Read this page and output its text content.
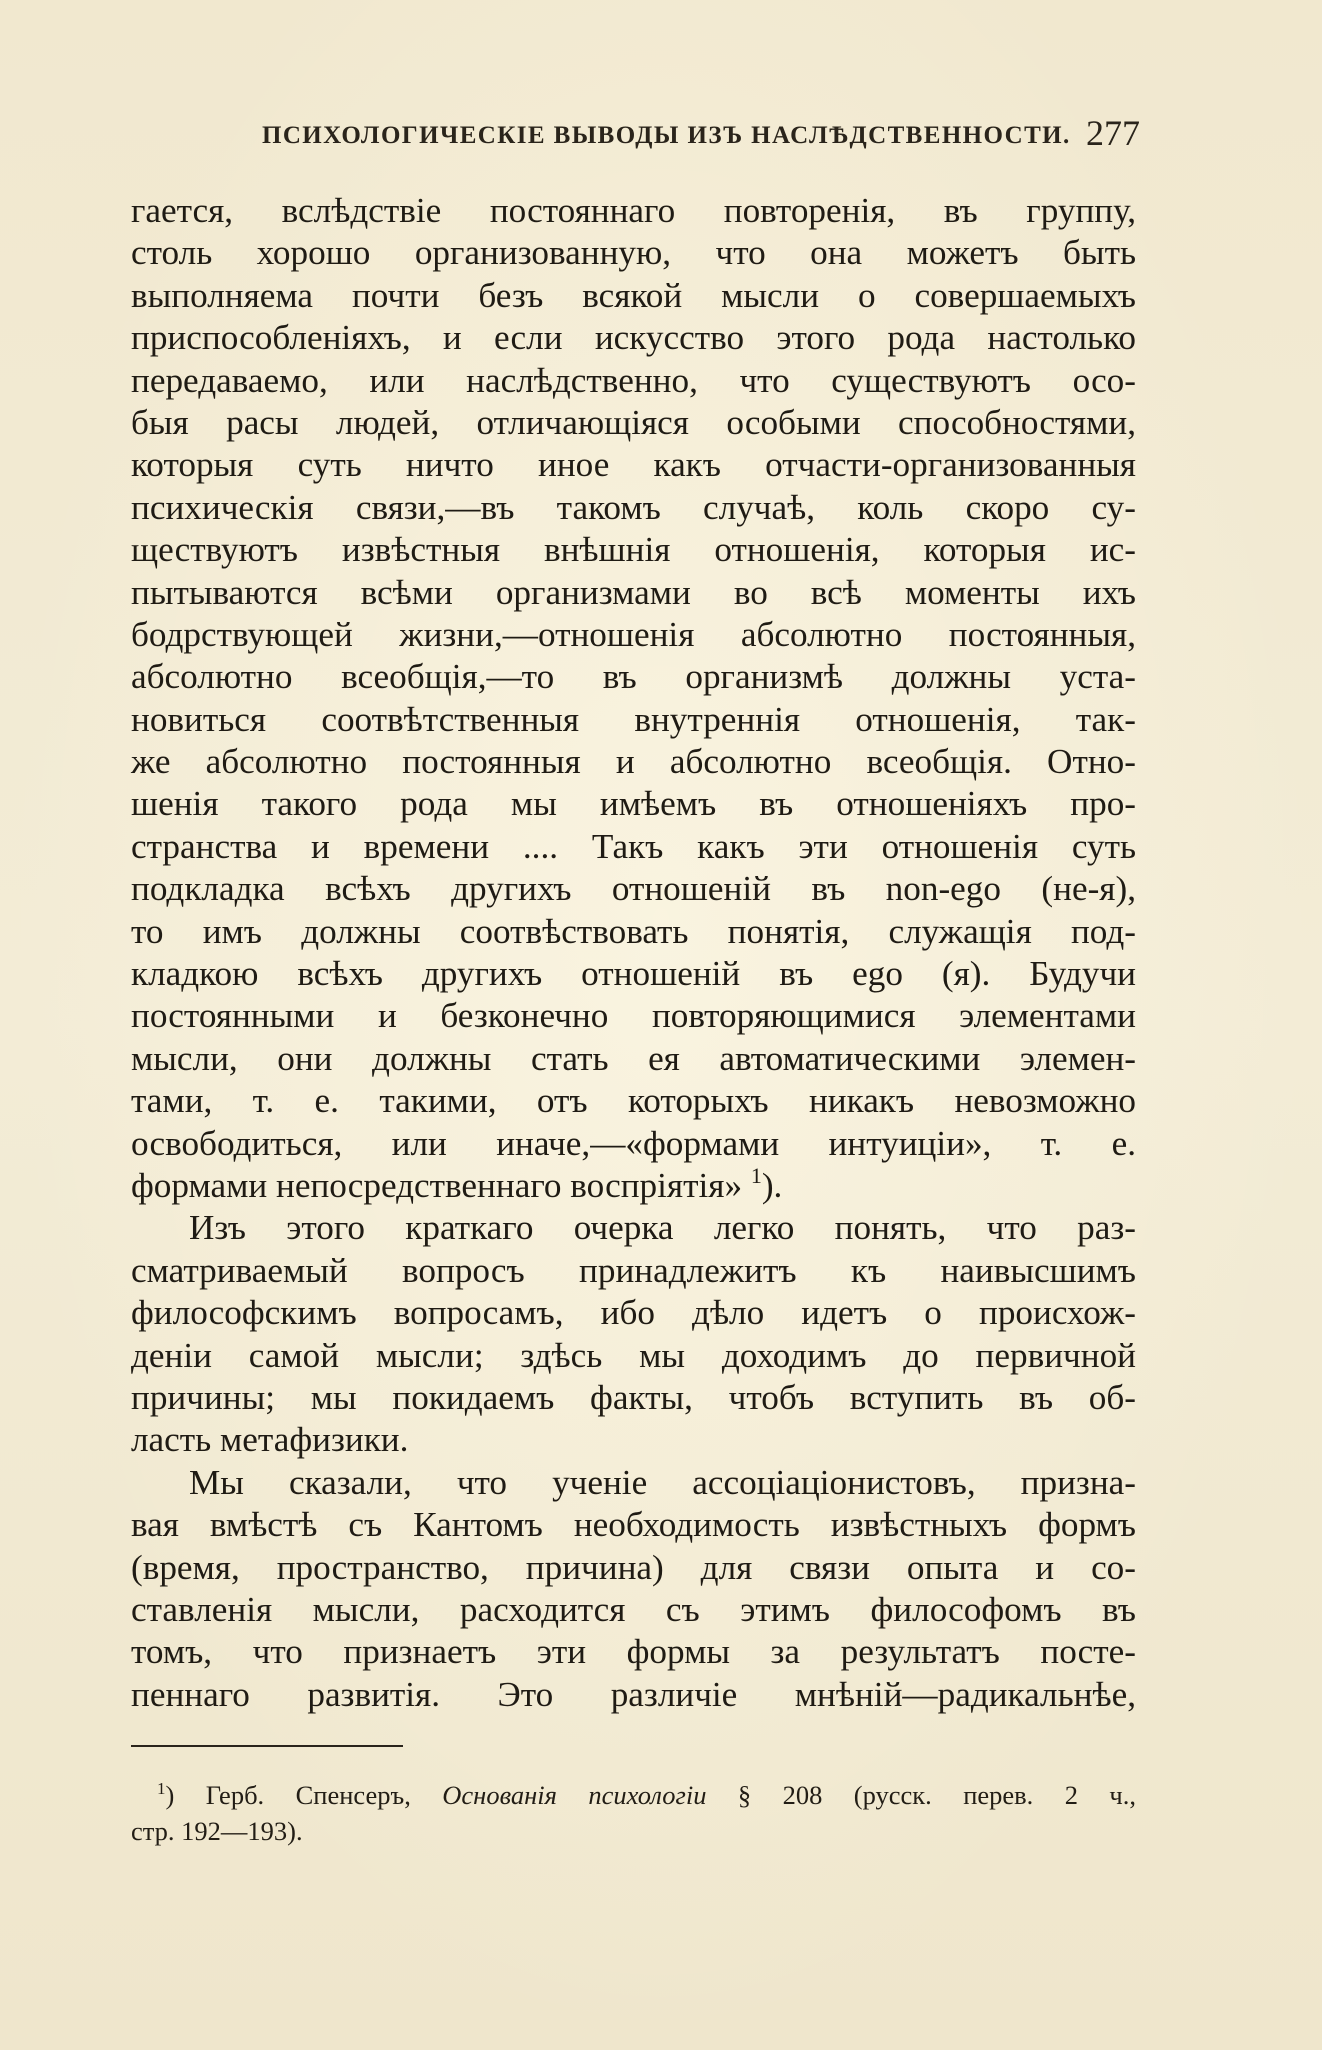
ПСИХОЛОГИЧЕСКІЕ ВЫВОДЫ ИЗЪ НАСЛѢДСТВЕННОСТИ. 277
гается, вслѣдствіе постояннаго повторенія, въ группу,
столь хорошо организованную, что она можетъ быть
выполняема почти безъ всякой мысли о совершаемыхъ
приспособленіяхъ, и если искусство этого рода настолько
передаваемо, или наслѣдственно, что существуютъ осо-
быя расы людей, отличающіяся особыми способностями,
которыя суть ничто иное какъ отчасти-организованныя
психическія связи,—въ такомъ случаѣ, коль скоро су-
ществуютъ извѣстныя внѣшнія отношенія, которыя ис-
пытываются всѣми организмами во всѣ моменты ихъ
бодрствующей жизни,—отношенія абсолютно постоянныя,
абсолютно всеобщія,—то въ организмѣ должны уста-
новиться соотвѣтственныя внутреннія отношенія, так-
же абсолютно постоянныя и абсолютно всеобщія. Отно-
шенія такого рода мы имѣемъ въ отношеніяхъ про-
странства и времени .... Такъ какъ эти отношенія суть
подкладка всѣхъ другихъ отношеній въ non-ego (не-я),
то имъ должны соотвѣствовать понятія, служащія под-
кладкою всѣхъ другихъ отношеній въ ego (я). Будучи
постоянными и безконечно повторяющимися элементами
мысли, они должны стать ея автоматическими элемен-
тами, т. е. такими, отъ которыхъ никакъ невозможно
освободиться, или иначе,—«формами интуиціи», т. е.
формами непосредственнаго воспріятія» $^1$).
Изъ этого краткаго очерка легко понять, что раз-
сматриваемый вопросъ принадлежитъ къ наивысшимъ
философскимъ вопросамъ, ибо дѣло идетъ о происхож-
деніи самой мысли; здѣсь мы доходимъ до первичной
причины; мы покидаемъ факты, чтобъ вступить въ об-
ласть метафизики.
Мы сказали, что ученіе ассоціаціонистовъ, призна-
вая вмѣстѣ съ Кантомъ необходимость извѣстныхъ формъ
(время, пространство, причина) для связи опыта и со-
ставленія мысли, расходится съ этимъ философомъ въ
томъ, что признаетъ эти формы за результатъ посте-
пеннаго развитія. Это различіе мнѣній—радикальнѣе,
$^1$) Герб. Спенсеръ, Основанія психологіи § 208 (русск. перев. 2 ч.,
стр. 192—193).
